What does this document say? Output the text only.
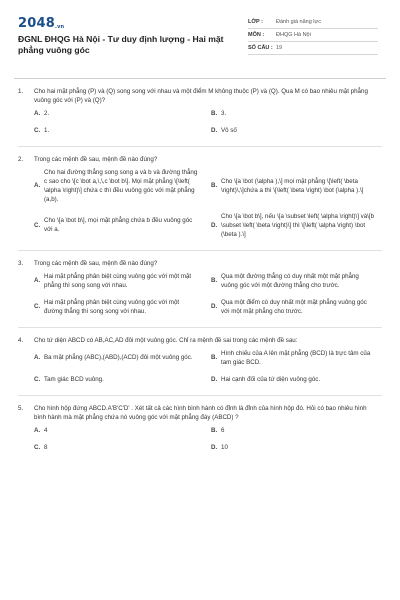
$2048_{.vn}$
ĐGNL ĐHQG Hà Nội - Tư duy định lượng - Hai mặt phẳng vuông góc
LỚP :	Đánh giá năng lực
MÔN :	ĐHQG Hà Nội
SỐ CÂU : 19
1.	Cho hai mặt phẳng (P) và (Q) song song với nhau và một điểm M không thuộc (P) và (Q). Qua M có bao nhiêu mặt phẳng vuông góc với (P) và (Q)?
A. 2.	B. 3.
C. 1.	D. Vô số
2.	Trong các mệnh đề sau, mệnh đề nào đúng?
A.
Cho hai đường thẳng song song a và b và đường thẳng c sao cho \[c \bot a,\,\,c \bot b\]. Mọi mặt phẳng \[\left( \alpha \right)\] chứa c thì đều vuông góc với mặt phẳng (a,b).
B.
Cho \[a \bot (\alpha ),\] mọi mặt phẳng \[\left( \beta \right)\,\]chứa a thì \[\left( \beta \right) \bot (\alpha ).\]
C.
Cho \[a \bot b\], mọi mặt phẳng chứa b đều vuông góc với a.
D.
Cho \[a \bot b\], nếu \[a \subset \left( \alpha \right)\] và\[b \subset \left( \beta \right)\] thì \[\left( \alpha \right) \bot (\beta ).\]
3.	Trong các mệnh đề sau, mệnh đề nào đúng?
A.
Hai mặt phẳng phân biệt cùng vuông góc với một mặt phẳng thì song song với nhau.
B.
Qua một đường thẳng có duy nhất một mặt phẳng vuông góc với một đường thẳng cho trước.
C.
Hai mặt phẳng phân biệt cùng vuông góc với một đường thẳng thì song song với nhau.
D.
Qua một điểm có duy nhất một mặt phẳng vuông góc với một mặt phẳng cho trước.
4.	Cho tứ diện ABCD có AB,AC,AD đôi một vuông góc. Chỉ ra mệnh đề sai trong các mệnh đề sau:
A. Ba mặt phẳng (ABC),(ABD),(ACD) đôi một vuông góc.	B.
Hình chiếu của A lên mặt phẳng (BCD) là trực tâm của tam giác BCD.
C. Tam giác BCD vuông.	D. Hai cạnh đối của tứ diện vuông góc.
5.	Cho hình hộp đứng ABCD.A'B'C'D' . Xét tất cả các hình bình hành có đỉnh là đỉnh của hình hộp đó. Hỏi có bao nhiêu hình bình hành mà mặt phẳng chứa nó vuông góc với mặt phẳng đáy (ABCD) ?
A. 4	B. 6
C. 8	D. 10
